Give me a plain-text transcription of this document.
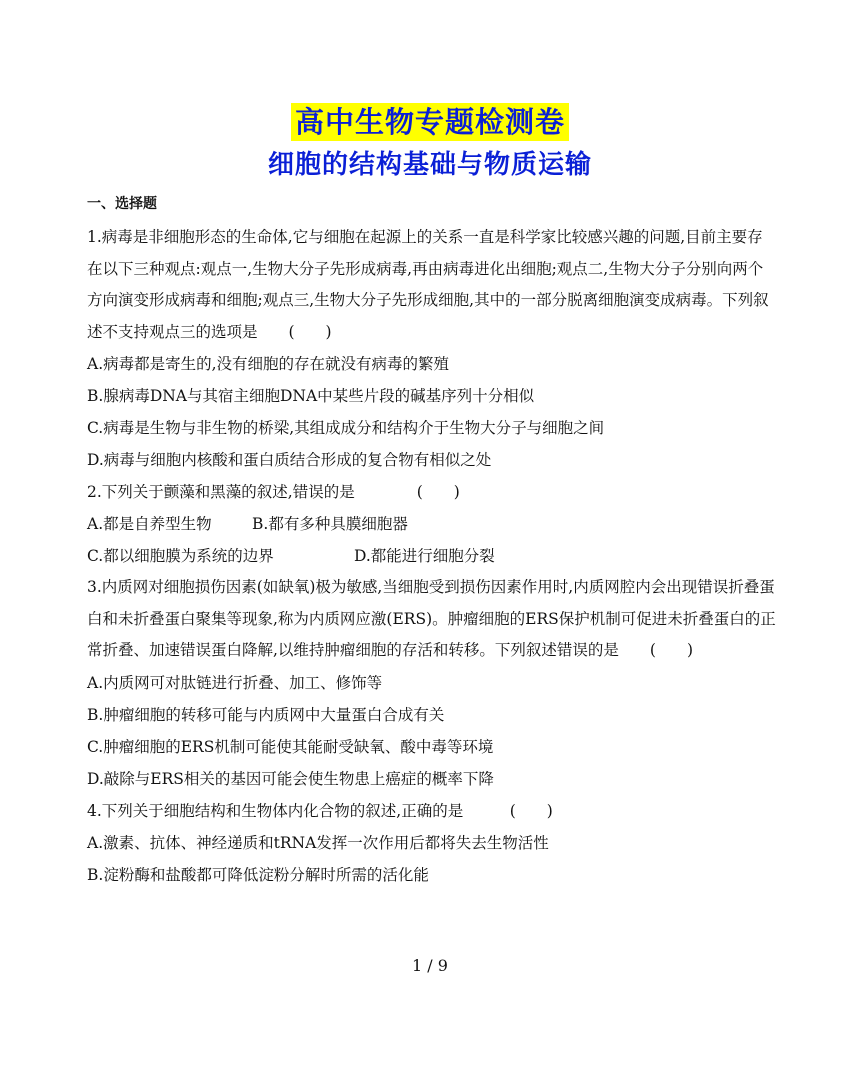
高中生物专题检测卷
细胞的结构基础与物质运输
一、选择题

1.病毒是非细胞形态的生命体,它与细胞在起源上的关系一直是科学家比较感兴趣的问题,目前主要存在以下三种观点:观点一,生物大分子先形成病毒,再由病毒进化出细胞;观点二,生物大分子分别向两个方向演变形成病毒和细胞;观点三,生物大分子先形成细胞,其中的一部分脱离细胞演变成病毒。下列叙述不支持观点三的选项是　　(　　)

A.病毒都是寄生的,没有细胞的存在就没有病毒的繁殖

B.腺病毒DNA与其宿主细胞DNA中某些片段的碱基序列十分相似

C.病毒是生物与非生物的桥梁,其组成成分和结构介于生物大分子与细胞之间

D.病毒与细胞内核酸和蛋白质结合形成的复合物有相似之处

2.下列关于颤藻和黑藻的叙述,错误的是　　　　(　　)

A.都是自养型生物	B.都有多种具膜细胞器
C.都以细胞膜为系统的边界	D.都能进行细胞分裂

3.内质网对细胞损伤因素(如缺氧)极为敏感,当细胞受到损伤因素作用时,内质网腔内会出现错误折叠蛋白和未折叠蛋白聚集等现象,称为内质网应激(ERS)。肿瘤细胞的ERS保护机制可促进未折叠蛋白的正常折叠、加速错误蛋白降解,以维持肿瘤细胞的存活和转移。下列叙述错误的是　　(　　)

A.内质网可对肽链进行折叠、加工、修饰等

B.肿瘤细胞的转移可能与内质网中大量蛋白合成有关

C.肿瘤细胞的ERS机制可能使其能耐受缺氧、酸中毒等环境

D.敲除与ERS相关的基因可能会使生物患上癌症的概率下降

4.下列关于细胞结构和生物体内化合物的叙述,正确的是　　　(　　)

A.激素、抗体、神经递质和tRNA发挥一次作用后都将失去生物活性

B.淀粉酶和盐酸都可降低淀粉分解时所需的活化能

1 / 9
